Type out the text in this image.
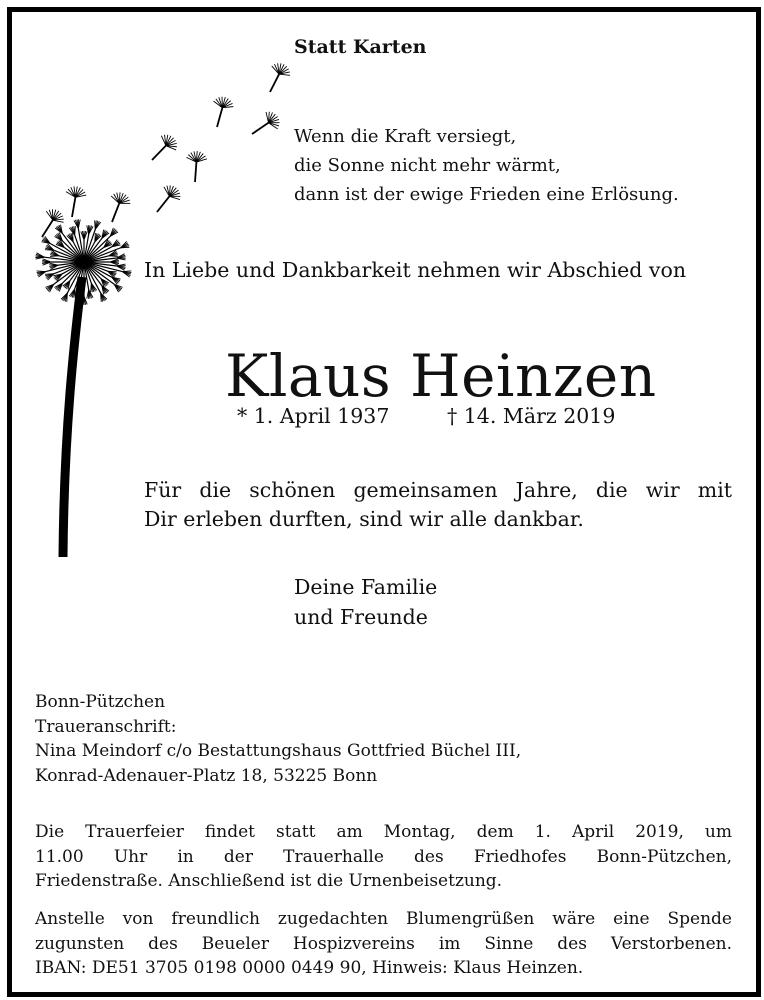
Statt Karten
Wenn die Kraft versiegt,
die Sonne nicht mehr wärmt,
dann ist der ewige Frieden eine Erlösung.
In Liebe und Dankbarkeit nehmen wir Abschied von
Klaus Heinzen
* 1. April 1937	† 14. März 2019
Für die schönen gemeinsamen Jahre, die wir mit
Dir erleben durften, sind wir alle dankbar.
Deine Familie
und Freunde
Bonn-Pützchen
Traueranschrift:
Nina Meindorf c/o Bestattungshaus Gottfried Büchel III,
Konrad-Adenauer-Platz 18, 53225 Bonn
Die Trauerfeier findet statt am Montag, dem 1. April 2019, um
11.00 Uhr in der Trauerhalle des Friedhofes Bonn-Pützchen,
Friedenstraße. Anschließend ist die Urnenbeisetzung.
Anstelle von freundlich zugedachten Blumengrüßen wäre eine Spende
zugunsten des Beueler Hospizvereins im Sinne des Verstorbenen.
IBAN: DE51 3705 0198 0000 0449 90, Hinweis: Klaus Heinzen.
